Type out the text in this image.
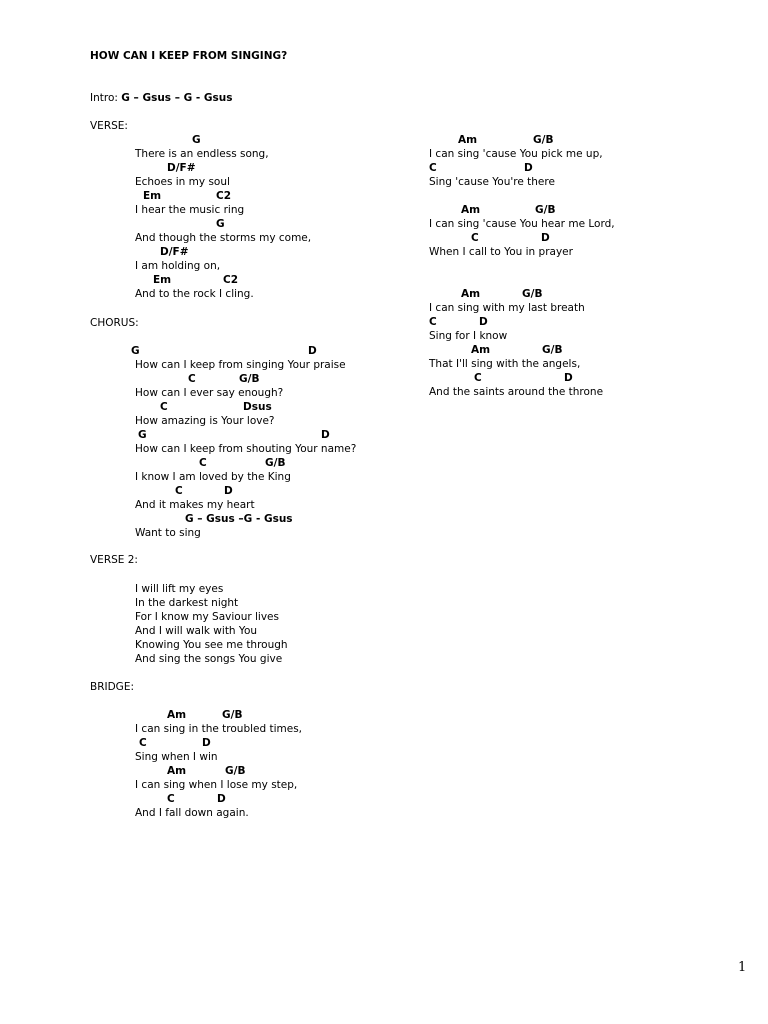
HOW CAN I KEEP FROM SINGING?
Intro: G – Gsus – G - Gsus
VERSE:
CHORUS:
VERSE 2:
BRIDGE:
G
There is an endless song,
D/F#
Echoes in my soul
Em	C2
I hear the music ring
G
And though the storms my come,
D/F#
I am holding on,
Em	C2
And to the rock I cling.
G	D
How can I keep from singing Your praise
C	G/B
How can I ever say enough?
C	Dsus
How amazing is Your love?
G	D
How can I keep from shouting Your name?
C	G/B
I know I am loved by the King
C	D
And it makes my heart
G – Gsus –G - Gsus
Want to sing
I will lift my eyes
In the darkest night
For I know my Saviour lives
And I will walk with You
Knowing You see me through
And sing the songs You give
Am	G/B
I can sing in the troubled times,
C	D
Sing when I win
Am	G/B
I can sing when I lose my step,
C	D
And I fall down again.
Am	G/B
I can sing 'cause You pick me up,
C	D
Sing 'cause You're there
Am	G/B
I can sing 'cause You hear me Lord,
C	D
When I call to You in prayer
Am	G/B
I can sing with my last breath
C	D
Sing for I know
Am	G/B
That I'll sing with the angels,
C	D
And the saints around the throne
1
